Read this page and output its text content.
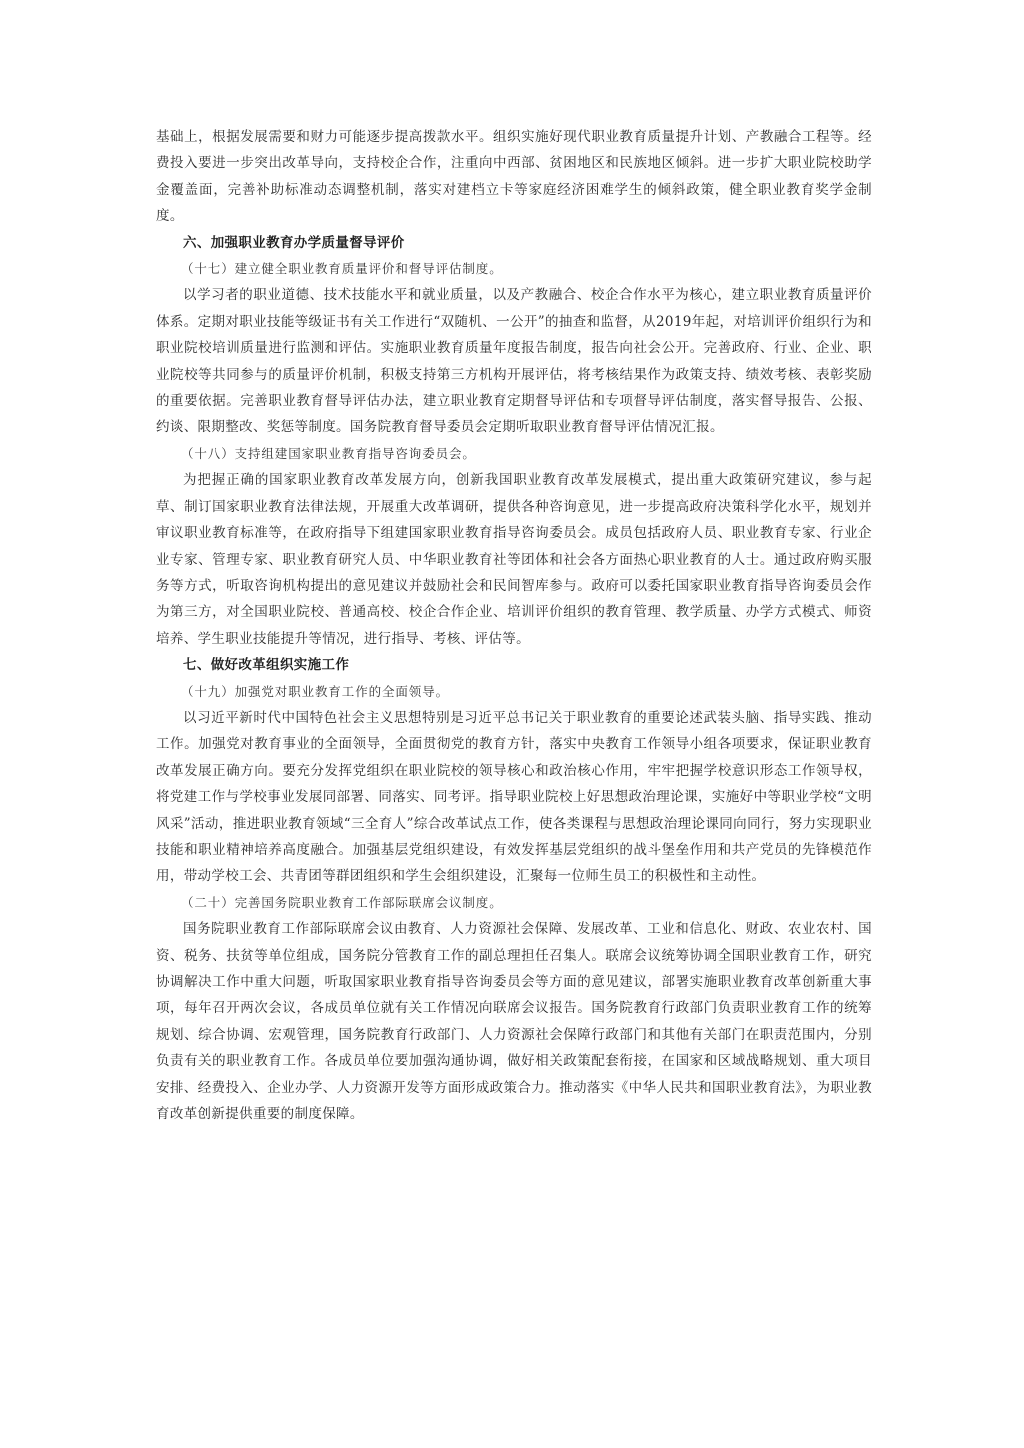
基础上，根据发展需要和财力可能逐步提高拨款水平。组织实施好现代职业教育质量提升计划、产教融合工程等。经费投入要进一步突出改革导向，支持校企合作，注重向中西部、贫困地区和民族地区倾斜。进一步扩大职业院校助学金覆盖面，完善补助标准动态调整机制，落实对建档立卡等家庭经济困难学生的倾斜政策，健全职业教育奖学金制度。

六、加强职业教育办学质量督导评价

（十七）建立健全职业教育质量评价和督导评估制度。

以学习者的职业道德、技术技能水平和就业质量，以及产教融合、校企合作水平为核心，建立职业教育质量评价体系。定期对职业技能等级证书有关工作进行“双随机、一公开”的抽查和监督，从2019年起，对培训评价组织行为和职业院校培训质量进行监测和评估。实施职业教育质量年度报告制度，报告向社会公开。完善政府、行业、企业、职业院校等共同参与的质量评价机制，积极支持第三方机构开展评估，将考核结果作为政策支持、绩效考核、表彰奖励的重要依据。完善职业教育督导评估办法，建立职业教育定期督导评估和专项督导评估制度，落实督导报告、公报、约谈、限期整改、奖惩等制度。国务院教育督导委员会定期听取职业教育督导评估情况汇报。

（十八）支持组建国家职业教育指导咨询委员会。

为把握正确的国家职业教育改革发展方向，创新我国职业教育改革发展模式，提出重大政策研究建议，参与起草、制订国家职业教育法律法规，开展重大改革调研，提供各种咨询意见，进一步提高政府决策科学化水平，规划并审议职业教育标准等，在政府指导下组建国家职业教育指导咨询委员会。成员包括政府人员、职业教育专家、行业企业专家、管理专家、职业教育研究人员、中华职业教育社等团体和社会各方面热心职业教育的人士。通过政府购买服务等方式，听取咨询机构提出的意见建议并鼓励社会和民间智库参与。政府可以委托国家职业教育指导咨询委员会作为第三方，对全国职业院校、普通高校、校企合作企业、培训评价组织的教育管理、教学质量、办学方式模式、师资培养、学生职业技能提升等情况，进行指导、考核、评估等。

七、做好改革组织实施工作

（十九）加强党对职业教育工作的全面领导。

以习近平新时代中国特色社会主义思想特别是习近平总书记关于职业教育的重要论述武装头脑、指导实践、推动工作。加强党对教育事业的全面领导，全面贯彻党的教育方针，落实中央教育工作领导小组各项要求，保证职业教育改革发展正确方向。要充分发挥党组织在职业院校的领导核心和政治核心作用，牢牢把握学校意识形态工作领导权，将党建工作与学校事业发展同部署、同落实、同考评。指导职业院校上好思想政治理论课，实施好中等职业学校“文明风采”活动，推进职业教育领域“三全育人”综合改革试点工作，使各类课程与思想政治理论课同向同行，努力实现职业技能和职业精神培养高度融合。加强基层党组织建设，有效发挥基层党组织的战斗堡垒作用和共产党员的先锋模范作用，带动学校工会、共青团等群团组织和学生会组织建设，汇聚每一位师生员工的积极性和主动性。

（二十）完善国务院职业教育工作部际联席会议制度。

国务院职业教育工作部际联席会议由教育、人力资源社会保障、发展改革、工业和信息化、财政、农业农村、国资、税务、扶贫等单位组成，国务院分管教育工作的副总理担任召集人。联席会议统筹协调全国职业教育工作，研究协调解决工作中重大问题，听取国家职业教育指导咨询委员会等方面的意见建议，部署实施职业教育改革创新重大事项，每年召开两次会议，各成员单位就有关工作情况向联席会议报告。国务院教育行政部门负责职业教育工作的统筹规划、综合协调、宏观管理，国务院教育行政部门、人力资源社会保障行政部门和其他有关部门在职责范围内，分别负责有关的职业教育工作。各成员单位要加强沟通协调，做好相关政策配套衔接，在国家和区域战略规划、重大项目安排、经费投入、企业办学、人力资源开发等方面形成政策合力。推动落实《中华人民共和国职业教育法》，为职业教育改革创新提供重要的制度保障。
